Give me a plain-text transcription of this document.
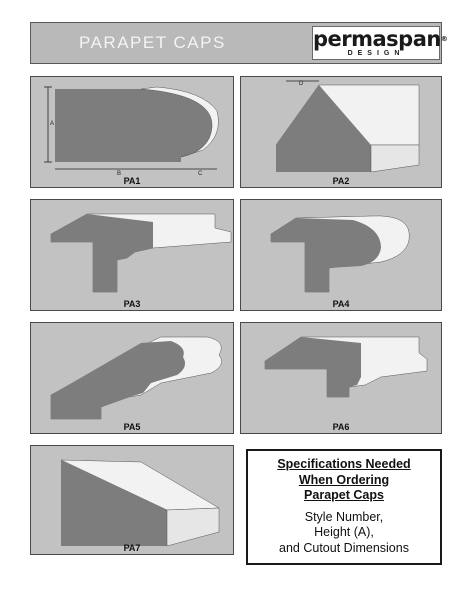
PARAPET CAPS	permaspan®
DESIGN
A
B	C
PA1
D
PA2
PA3	PA4
PA5	PA6
PA7
Specifications Needed
When Ordering
Parapet Caps
Style Number,
Height (A),
and Cutout Dimensions
